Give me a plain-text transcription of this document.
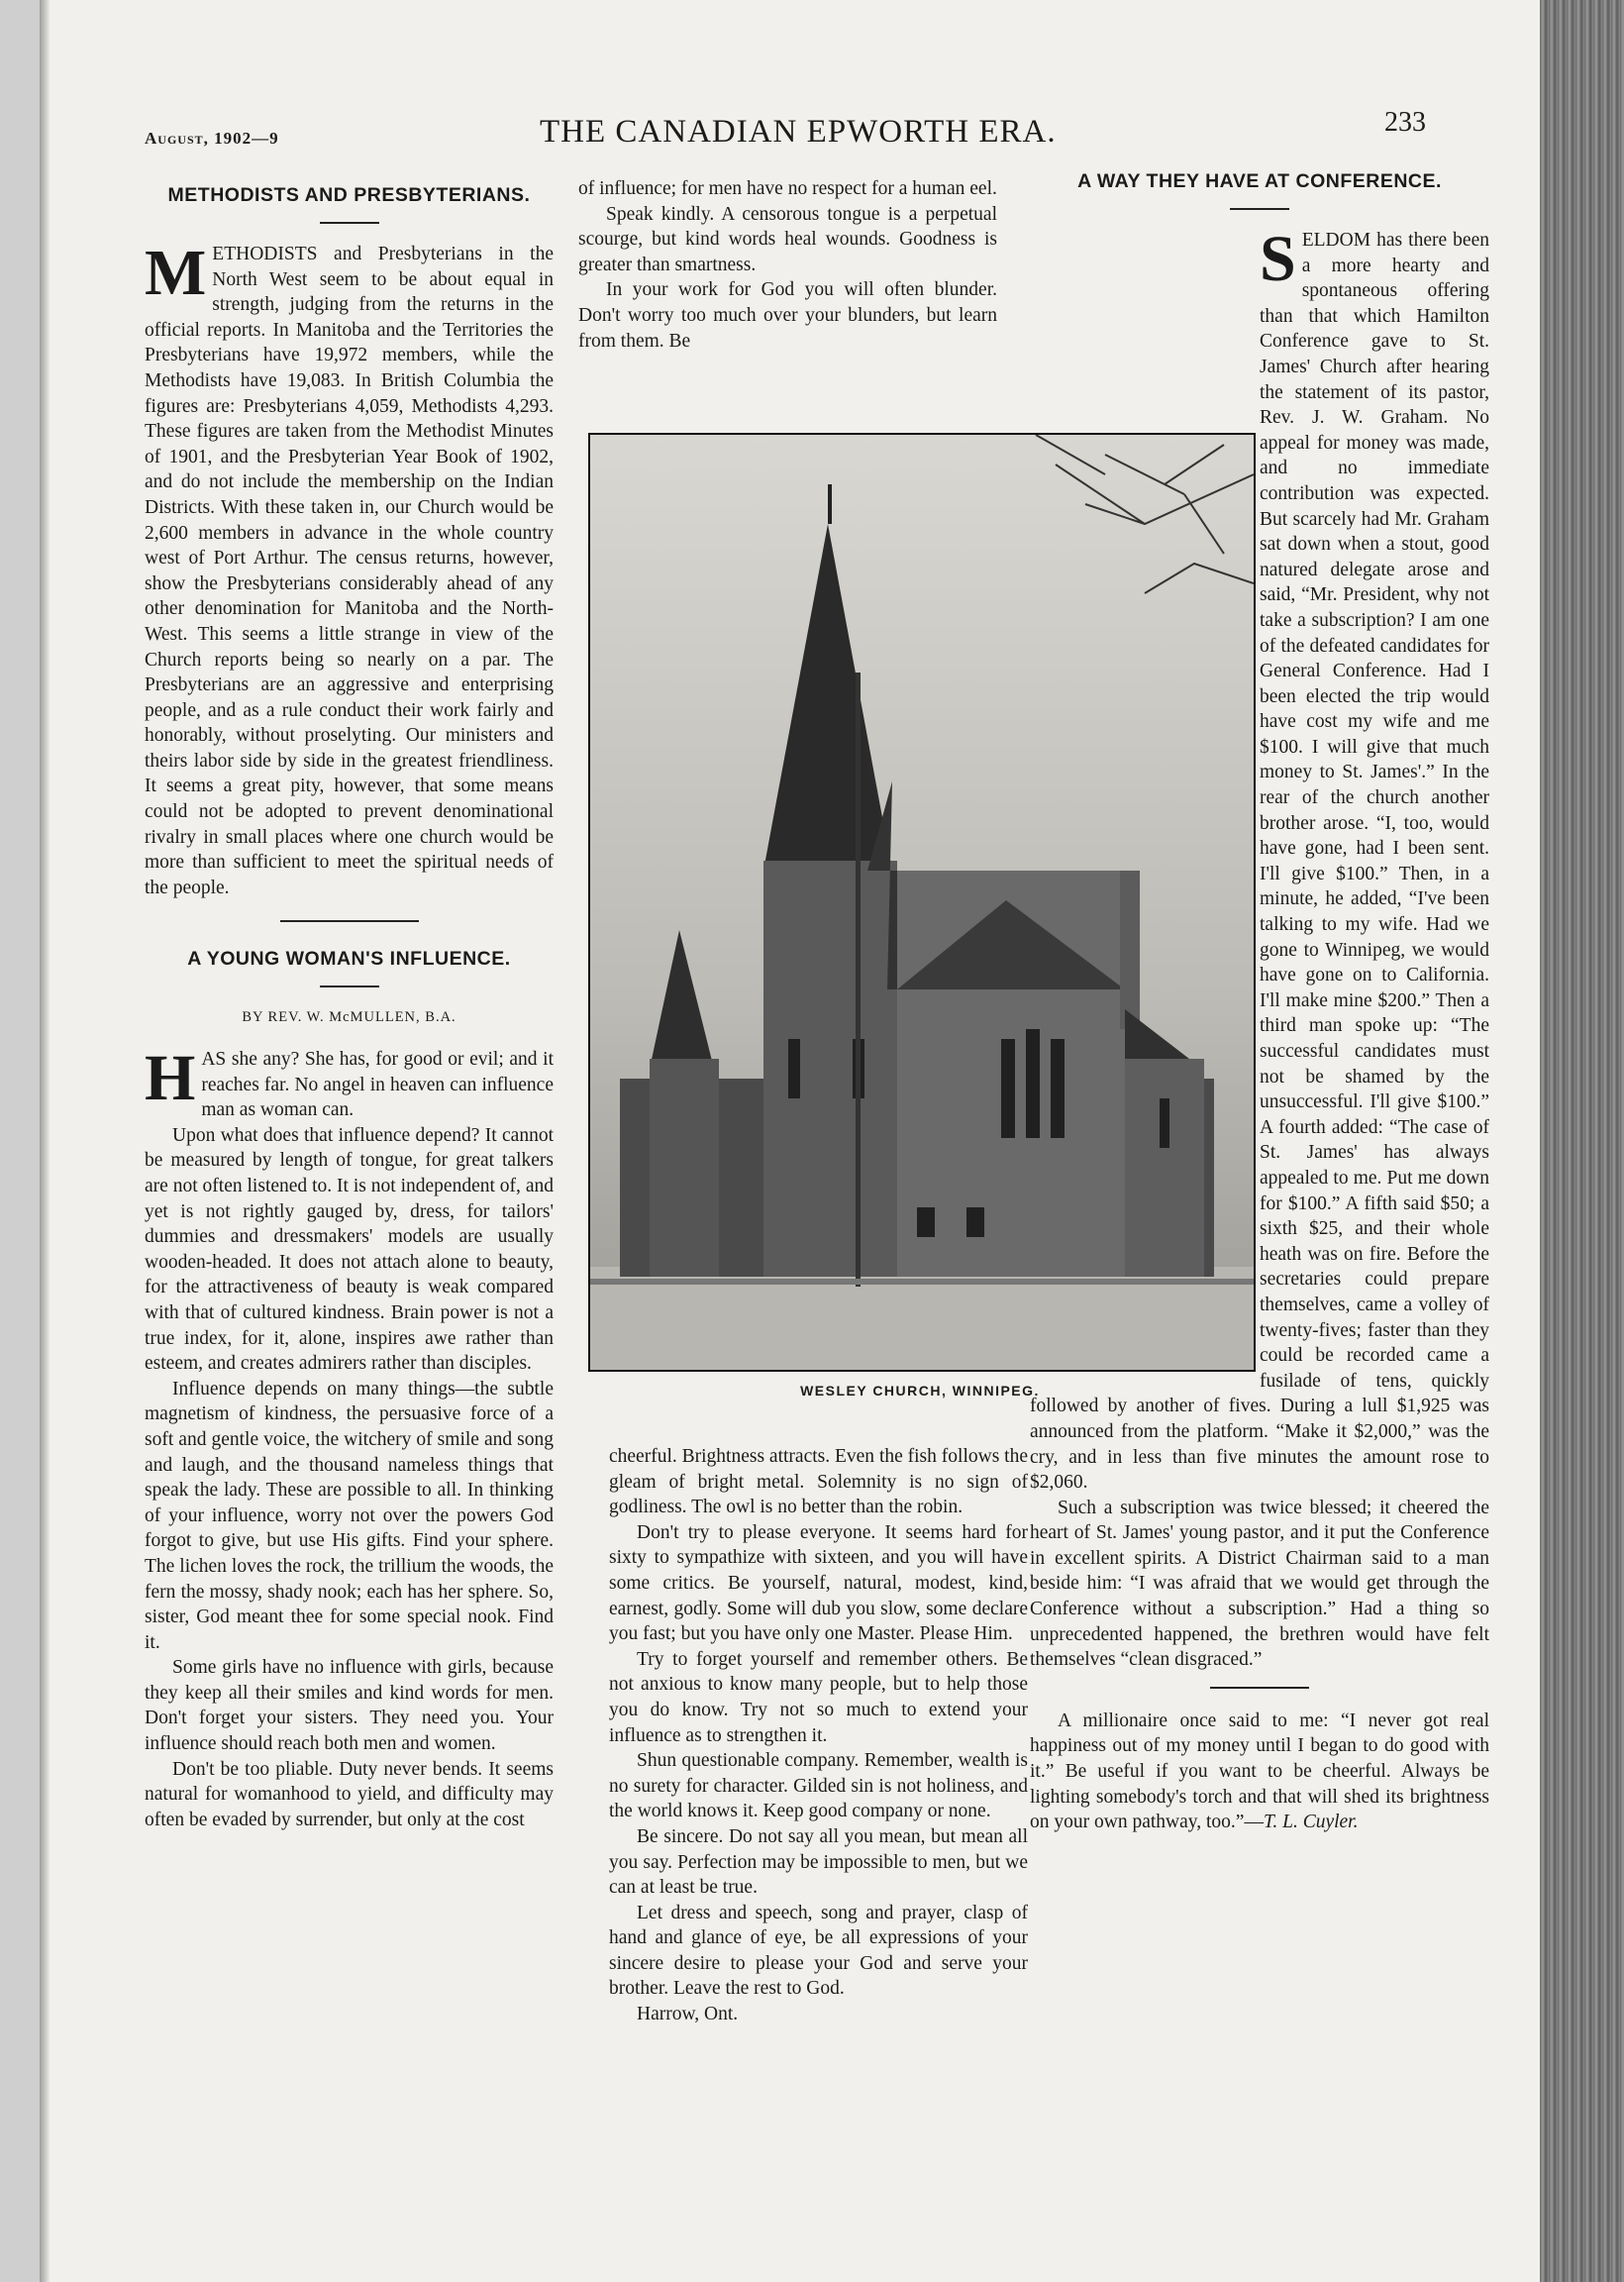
August, 1902—9	THE CANADIAN EPWORTH ERA.	233
METHODISTS AND PRESBYTERIANS.

METHODISTS and Presbyterians in the North West seem to be about equal in strength, judging from the returns in the official reports. In Manitoba and the Territories the Presbyterians have 19,972 members, while the Methodists have 19,083. In British Columbia the figures are: Presbyterians 4,059, Methodists 4,293. These figures are taken from the Methodist Minutes of 1901, and the Presbyterian Year Book of 1902, and do not include the membership on the Indian Districts. With these taken in, our Church would be 2,600 members in advance in the whole country west of Port Arthur. The census returns, however, show the Presbyterians considerably ahead of any other denomination for Manitoba and the North-West. This seems a little strange in view of the Church reports being so nearly on a par. The Presbyterians are an aggressive and enterprising people, and as a rule conduct their work fairly and honorably, without proselyting. Our ministers and theirs labor side by side in the greatest friendliness. It seems a great pity, however, that some means could not be adopted to prevent denominational rivalry in small places where one church would be more than sufficient to meet the spiritual needs of the people.

A YOUNG WOMAN'S INFLUENCE.
BY REV. W. McMULLEN, B.A.

HAS she any? She has, for good or evil; and it reaches far. No angel in heaven can influence man as woman can.

Upon what does that influence depend? It cannot be measured by length of tongue, for great talkers are not often listened to. It is not independent of, and yet is not rightly gauged by, dress, for tailors' dummies and dressmakers' models are usually wooden-headed. It does not attach alone to beauty, for the attractiveness of beauty is weak compared with that of cultured kindness. Brain power is not a true index, for it, alone, inspires awe rather than esteem, and creates admirers rather than disciples.

Influence depends on many things—the subtle magnetism of kindness, the persuasive force of a soft and gentle voice, the witchery of smile and song and laugh, and the thousand nameless things that speak the lady. These are possible to all. In thinking of your influence, worry not over the powers God forgot to give, but use His gifts. Find your sphere. The lichen loves the rock, the trillium the woods, the fern the mossy, shady nook; each has her sphere. So, sister, God meant thee for some special nook. Find it.

Some girls have no influence with girls, because they keep all their smiles and kind words for men. Don't forget your sisters. They need you. Your influence should reach both men and women.

Don't be too pliable. Duty never bends. It seems natural for womanhood to yield, and difficulty may often be evaded by surrender, but only at the cost

of influence; for men have no respect for a human eel.

Speak kindly. A censorous tongue is a perpetual scourge, but kind words heal wounds. Goodness is greater than smartness.

In your work for God you will often blunder. Don't worry too much over your blunders, but learn from them. Be

WESLEY CHURCH, WINNIPEG.

cheerful. Brightness attracts. Even the fish follows the gleam of bright metal. Solemnity is no sign of godliness. The owl is no better than the robin.

Don't try to please everyone. It seems hard for sixty to sympathize with sixteen, and you will have some critics. Be yourself, natural, modest, kind, earnest, godly. Some will dub you slow, some declare you fast; but you have only one Master. Please Him.

Try to forget yourself and remember others. Be not anxious to know many people, but to help those you do know. Try not so much to extend your influence as to strengthen it.

Shun questionable company. Remember, wealth is no surety for character. Gilded sin is not holiness, and the world knows it. Keep good company or none.

Be sincere. Do not say all you mean, but mean all you say. Perfection may be impossible to men, but we can at least be true.

Let dress and speech, song and prayer, clasp of hand and glance of eye, be all expressions of your sincere desire to please your God and serve your brother. Leave the rest to God.

Harrow, Ont.

A WAY THEY HAVE AT CONFERENCE.

SELDOM has there been a more hearty and spontaneous offering than that which Hamilton Conference gave to St. James' Church after hearing the statement of its pastor, Rev. J. W. Graham. No appeal for money was made, and no immediate contribution was expected. But scarcely had Mr. Graham sat down when a stout, good natured delegate arose and said, “Mr. President, why not take a subscription? I am one of the defeated candidates for General Conference. Had I been elected the trip would have cost my wife and me $100. I will give that much money to St. James'.” In the rear of the church another brother arose. “I, too, would have gone, had I been sent. I'll give $100.” Then, in a minute, he added, “I've been talking to my wife. Had we gone to Winnipeg, we would have gone on to California. I'll make mine $200.” Then a third man spoke up: “The successful candidates must not be shamed by the unsuccessful. I'll give $100.” A fourth added: “The case of St. James' has always appealed to me. Put me down for $100.” A fifth said $50; a sixth $25, and their whole heath was on fire. Before the secretaries could prepare themselves, came a volley of twenty-fives; faster than they could be recorded came a fusilade of tens, quickly followed by another of fives. During a lull $1,925 was announced from the platform. “Make it $2,000,” was the cry, and in less than five minutes the amount rose to $2,060.

Such a subscription was twice blessed; it cheered the heart of St. James' young pastor, and it put the Conference in excellent spirits. A District Chairman said to a man beside him: “I was afraid that we would get through the Conference without a subscription.” Had a thing so unprecedented happened, the brethren would have felt themselves “clean disgraced.”

A millionaire once said to me: “I never got real happiness out of my money until I began to do good with it.” Be useful if you want to be cheerful. Always be lighting somebody's torch and that will shed its brightness on your own pathway, too.”—T. L. Cuyler.
